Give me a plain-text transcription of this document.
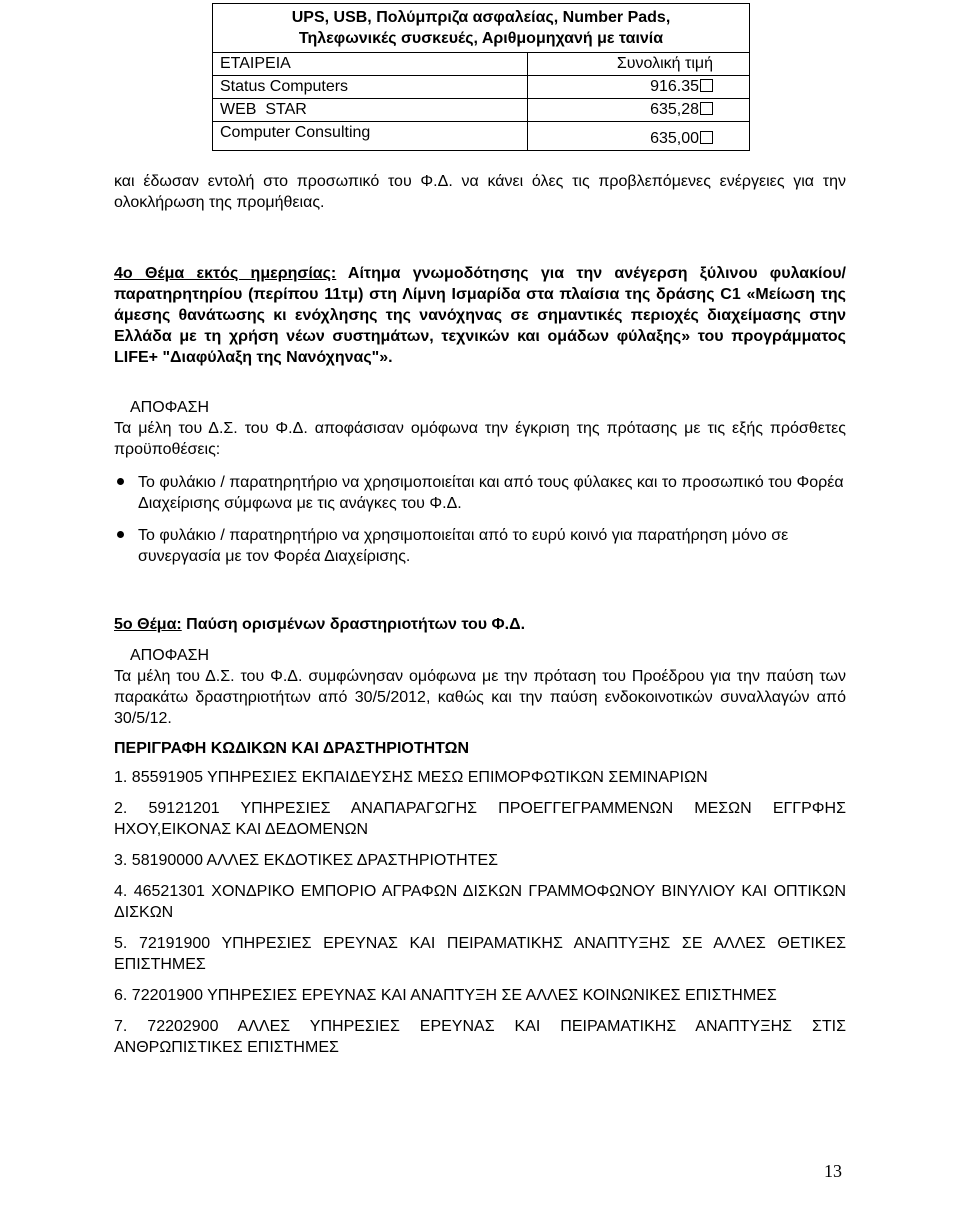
UPS, USB, Πολύμπριζα ασφαλείας, Number Pads,
Τηλεφωνικές συσκευές, Αριθμομηχανή με ταινία	
ΕΤΑΙΡΕΙΑ	Συνολική τιμή
Status Computers	916.35
WEB  STAR	635,28
Computer Consulting	635,00
και έδωσαν εντολή στο προσωπικό του Φ.Δ. να κάνει όλες τις προβλεπόμενες ενέργειες για την ολοκλήρωση της προμήθειας.
4ο Θέμα εκτός ημερησίας: Αίτημα γνωμοδότησης για την ανέγερση ξύλινου φυλακίου/παρατηρητηρίου (περίπου 11τμ) στη Λίμνη Ισμαρίδα στα πλαίσια της δράσης C1 «Μείωση της άμεσης θανάτωσης κι ενόχλησης της νανόχηνας σε σημαντικές περιοχές διαχείμασης στην Ελλάδα με τη χρήση νέων συστημάτων, τεχνικών και ομάδων φύλαξης» του προγράμματος LIFE+ "Διαφύλαξη της Νανόχηνας"».
ΑΠΟΦΑΣΗ
Τα μέλη του Δ.Σ. του Φ.Δ. αποφάσισαν ομόφωνα την έγκριση της πρότασης με τις εξής πρόσθετες προϋποθέσεις:
Το φυλάκιο / παρατηρητήριο να χρησιμοποιείται και από τους φύλακες και το προσωπικό του Φορέα Διαχείρισης σύμφωνα με τις ανάγκες του Φ.Δ.
Το φυλάκιο / παρατηρητήριο να χρησιμοποιείται από το ευρύ κοινό για παρατήρηση μόνο σε συνεργασία με τον Φορέα Διαχείρισης.
5ο Θέμα: Παύση ορισμένων δραστηριοτήτων του Φ.Δ.
ΑΠΟΦΑΣΗ
Τα μέλη του Δ.Σ. του Φ.Δ. συμφώνησαν ομόφωνα με την πρόταση του Προέδρου για την παύση των παρακάτω δραστηριοτήτων από 30/5/2012, καθώς και την παύση ενδοκοινοτικών συναλλαγών από 30/5/12.
ΠΕΡΙΓΡΑΦΗ ΚΩΔΙΚΩΝ ΚΑΙ ΔΡΑΣΤΗΡΙΟΤΗΤΩΝ
1. 85591905 ΥΠΗΡΕΣΙΕΣ ΕΚΠΑΙΔΕΥΣΗΣ ΜΕΣΩ ΕΠΙΜΟΡΦΩΤΙΚΩΝ ΣΕΜΙΝΑΡΙΩΝ
2. 59121201 ΥΠΗΡΕΣΙΕΣ ΑΝΑΠΑΡΑΓΩΓΗΣ ΠΡΟΕΓΓΕΓΡΑΜΜΕΝΩΝ ΜΕΣΩΝ ΕΓΓΡΦΗΣ ΗΧΟΥ,ΕΙΚΟΝΑΣ ΚΑΙ ΔΕΔΟΜΕΝΩΝ
3. 58190000 ΑΛΛΕΣ ΕΚΔΟΤΙΚΕΣ ΔΡΑΣΤΗΡΙΟΤΗΤΕΣ
4. 46521301 ΧΟΝΔΡΙΚΟ ΕΜΠΟΡΙΟ ΑΓΡΑΦΩΝ ΔΙΣΚΩΝ ΓΡΑΜΜΟΦΩΝΟΥ ΒΙΝΥΛΙΟΥ ΚΑΙ ΟΠΤΙΚΩΝ ΔΙΣΚΩΝ
5. 72191900 ΥΠΗΡΕΣΙΕΣ ΕΡΕΥΝΑΣ ΚΑΙ ΠΕΙΡΑΜΑΤΙΚΗΣ ΑΝΑΠΤΥΞΗΣ ΣΕ ΑΛΛΕΣ ΘΕΤΙΚΕΣ ΕΠΙΣΤΗΜΕΣ
6. 72201900 ΥΠΗΡΕΣΙΕΣ ΕΡΕΥΝΑΣ ΚΑΙ ΑΝΑΠΤΥΞΗ ΣΕ ΑΛΛΕΣ ΚΟΙΝΩΝΙΚΕΣ ΕΠΙΣΤΗΜΕΣ
7. 72202900 ΑΛΛΕΣ ΥΠΗΡΕΣΙΕΣ ΕΡΕΥΝΑΣ ΚΑΙ ΠΕΙΡΑΜΑΤΙΚΗΣ ΑΝΑΠΤΥΞΗΣ ΣΤΙΣ ΑΝΘΡΩΠΙΣΤΙΚΕΣ ΕΠΙΣΤΗΜΕΣ
13
